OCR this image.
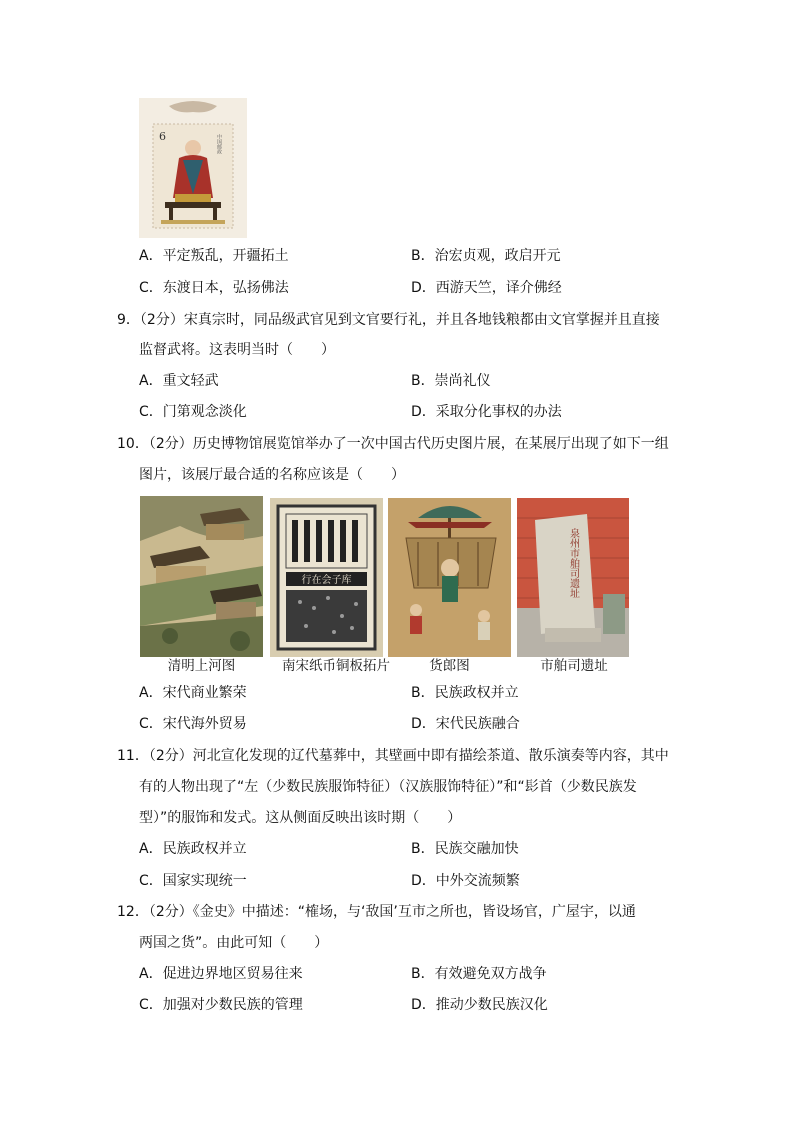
6	中国邮政
A．平定叛乱，开疆拓土	B．治宏贞观，政启开元
C．东渡日本，弘扬佛法	D．西游天竺，译介佛经
9．（2分）宋真宗时，同品级武官见到文官要行礼，并且各地钱粮都由文官掌握并且直接
监督武将。这表明当时（　　）
A．重文轻武	B．崇尚礼仪
C．门第观念淡化	D．采取分化事权的办法
10．（2分）历史博物馆展览馆举办了一次中国古代历史图片展，在某展厅出现了如下一组
图片，该展厅最合适的名称应该是（　　）
行在会子库	泉州市舶司遗址
清明上河图	南宋纸币铜板拓片	货郎图	市舶司遗址
A．宋代商业繁荣	B．民族政权并立
C．宋代海外贸易	D．宋代民族融合
11．（2分）河北宣化发现的辽代墓葬中，其壁画中即有描绘茶道、散乐演奏等内容，其中
有的人物出现了“左（少数民族服饰特征）（汉族服饰特征）”和“髟首（少数民族发
型）”的服饰和发式。这从侧面反映出该时期（　　）
A．民族政权并立	B．民族交融加快
C．国家实现统一	D．中外交流频繁
12．（2分）《金史》中描述：“榷场，与‘敌国’互市之所也，皆设场官，广屋宇，以通
两国之货”。由此可知（　　）
A．促进边界地区贸易往来	B．有效避免双方战争
C．加强对少数民族的管理	D．推动少数民族汉化
